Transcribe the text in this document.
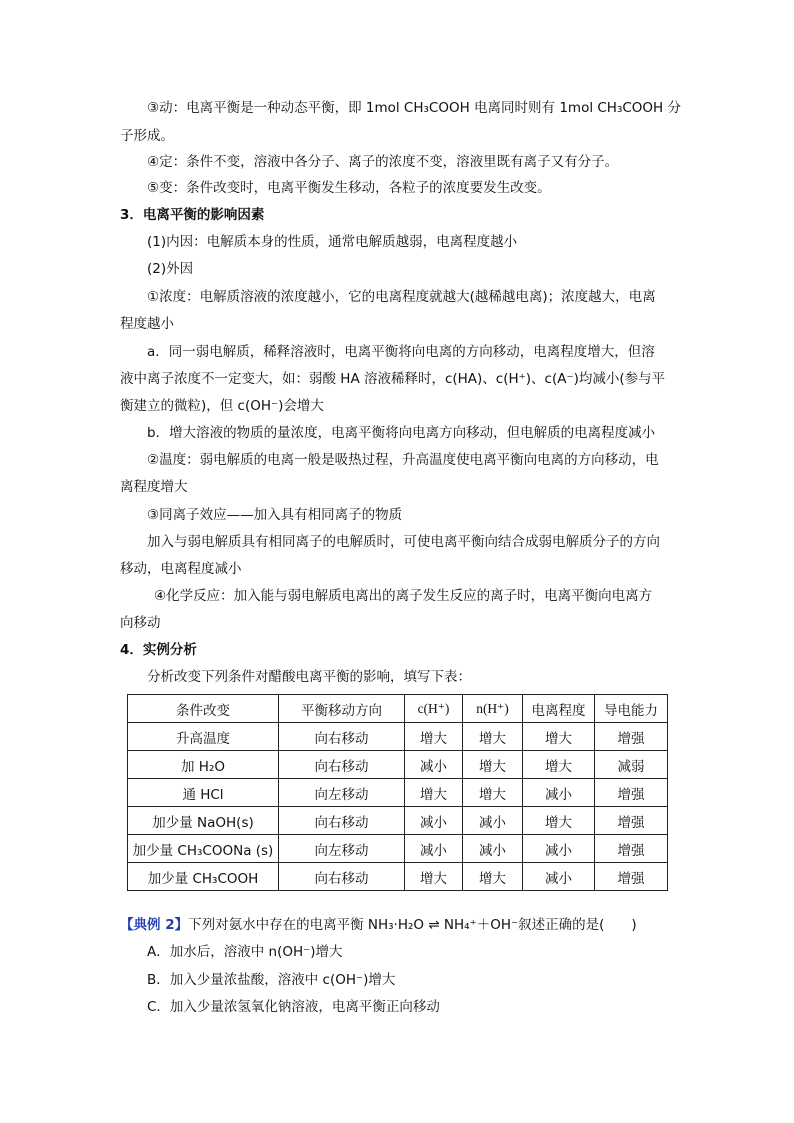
③动：电离平衡是一种动态平衡，即 1mol CH₃COOH 电离同时则有 1mol CH₃COOH 分
子形成。
④定：条件不变，溶液中各分子、离子的浓度不变，溶液里既有离子又有分子。
⑤变：条件改变时，电离平衡发生移动，各粒子的浓度要发生改变。
3．电离平衡的影响因素
(1)内因：电解质本身的性质，通常电解质越弱，电离程度越小
(2)外因
①浓度：电解质溶液的浓度越小，它的电离程度就越大(越稀越电离)；浓度越大，电离
程度越小
a．同一弱电解质，稀释溶液时，电离平衡将向电离的方向移动，电离程度增大，但溶
液中离子浓度不一定变大，如：弱酸 HA 溶液稀释时，c(HA)、c(H⁺)、c(A⁻)均减小(参与平
衡建立的微粒)，但 c(OH⁻)会增大
b．增大溶液的物质的量浓度，电离平衡将向电离方向移动，但电解质的电离程度减小
②温度：弱电解质的电离一般是吸热过程，升高温度使电离平衡向电离的方向移动，电
离程度增大
③同离子效应——加入具有相同离子的物质
加入与弱电解质具有相同离子的电解质时，可使电离平衡向结合成弱电解质分子的方向
移动，电离程度减小
④化学反应：加入能与弱电解质电离出的离子发生反应的离子时，电离平衡向电离方
向移动
4．实例分析
分析改变下列条件对醋酸电离平衡的影响，填写下表：
条件改变	平衡移动方向	c(H⁺)	n(H⁺)	电离程度	导电能力
升高温度	向右移动	增大	增大	增大	增强
加 H₂O	向右移动	减小	增大	增大	减弱
通 HCl	向左移动	增大	增大	减小	增强
加少量 NaOH(s)	向右移动	减小	减小	增大	增强
加少量 CH₃COONa (s)	向左移动	减小	减小	减小	增强
加少量 CH₃COOH	向右移动	增大	增大	减小	增强
【典例 2】下列对氨水中存在的电离平衡 NH₃·H₂O ⇌ NH₄⁺＋OH⁻叙述正确的是(　　)
A．加水后，溶液中 n(OH⁻)增大
B．加入少量浓盐酸，溶液中 c(OH⁻)增大
C．加入少量浓氢氧化钠溶液，电离平衡正向移动
